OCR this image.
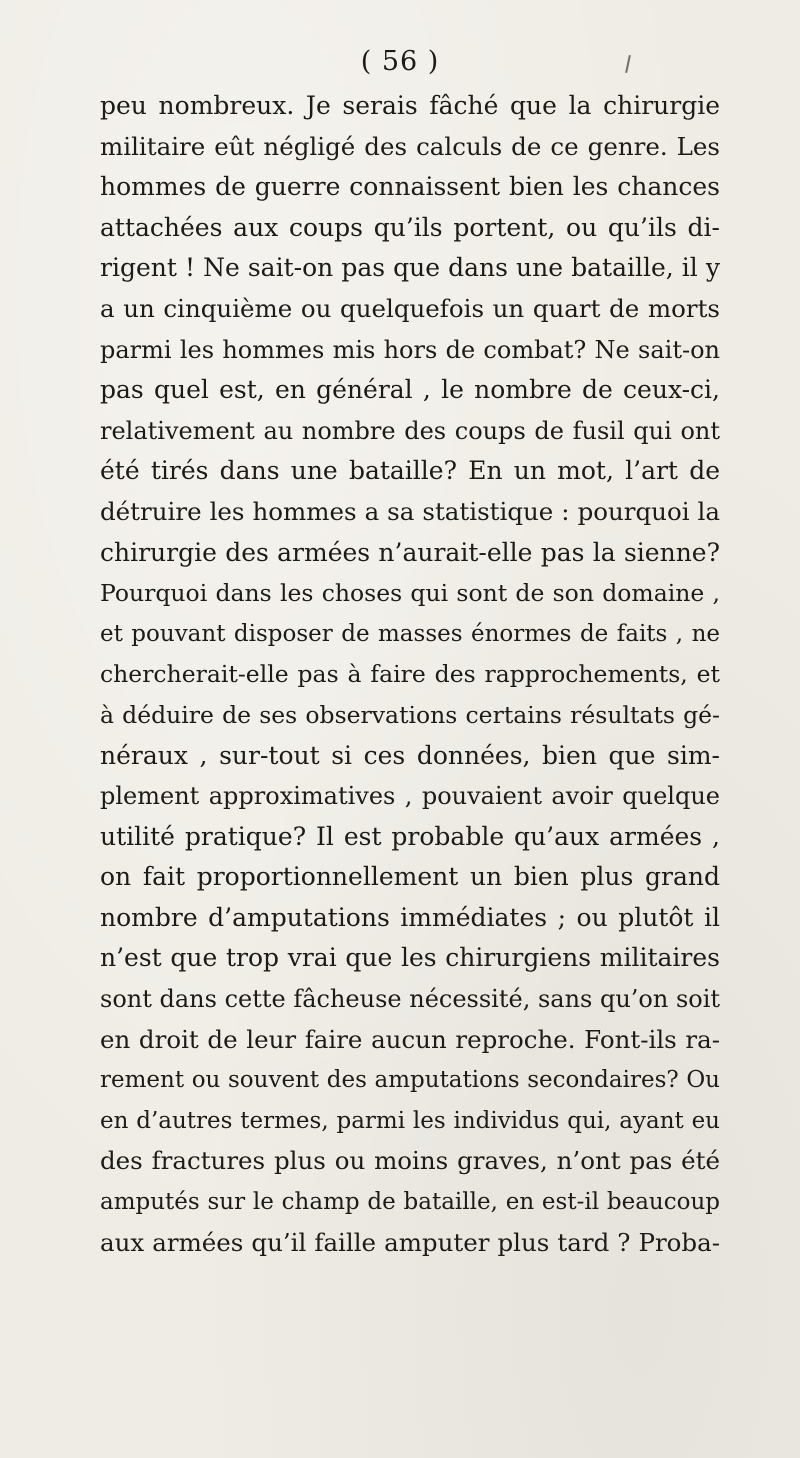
( 56 )
peu nombreux. Je serais fâché que la chirurgie
militaire eût négligé des calculs de ce genre. Les
hommes de guerre connaissent bien les chances
attachées aux coups qu’ils portent, ou qu’ils di-
rigent ! Ne sait-on pas que dans une bataille, il y
a un cinquième ou quelquefois un quart de morts
parmi les hommes mis hors de combat? Ne sait-on
pas quel est, en général , le nombre de ceux-ci,
relativement au nombre des coups de fusil qui ont
été tirés dans une bataille? En un mot, l’art de
détruire les hommes a sa statistique : pourquoi la
chirurgie des armées n’aurait-elle pas la sienne?
Pourquoi dans les choses qui sont de son domaine ,
et pouvant disposer de masses énormes de faits , ne
chercherait-elle pas à faire des rapprochements, et
à déduire de ses observations certains résultats gé-
néraux , sur-tout si ces données, bien que sim-
plement approximatives , pouvaient avoir quelque
utilité pratique? Il est probable qu’aux armées ,
on fait proportionnellement un bien plus grand
nombre d’amputations immédiates ; ou plutôt il
n’est que trop vrai que les chirurgiens militaires
sont dans cette fâcheuse nécessité, sans qu’on soit
en droit de leur faire aucun reproche. Font-ils ra-
rement ou souvent des amputations secondaires? Ou
en d’autres termes, parmi les individus qui, ayant eu
des fractures plus ou moins graves, n’ont pas été
amputés sur le champ de bataille, en est-il beaucoup
aux armées qu’il faille amputer plus tard ? Proba-
